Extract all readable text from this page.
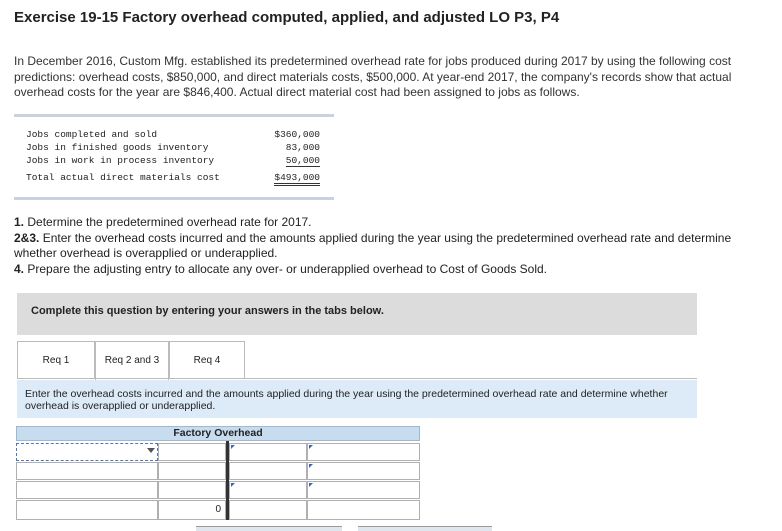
Exercise 19-15 Factory overhead computed, applied, and adjusted LO P3, P4
In December 2016, Custom Mfg. established its predetermined overhead rate for jobs produced during 2017 by using the following cost predictions: overhead costs, $850,000, and direct materials costs, $500,000. At year-end 2017, the company's records show that actual overhead costs for the year are $846,400. Actual direct material cost had been assigned to jobs as follows.
Jobs completed and sold	$360,000
Jobs in finished goods inventory	83,000
Jobs in work in process inventory	50,000
Total actual direct materials cost	$493,000
1. Determine the predetermined overhead rate for 2017.
2&3. Enter the overhead costs incurred and the amounts applied during the year using the predetermined overhead rate and determine whether overhead is overapplied or underapplied.
4. Prepare the adjusting entry to allocate any over- or underapplied overhead to Cost of Goods Sold.
Complete this question by entering your answers in the tabs below.
Req 1	Req 2 and 3	Req 4
Enter the overhead costs incurred and the amounts applied during the year using the predetermined overhead rate and determine whether overhead is overapplied or underapplied.
Factory Overhead
0
